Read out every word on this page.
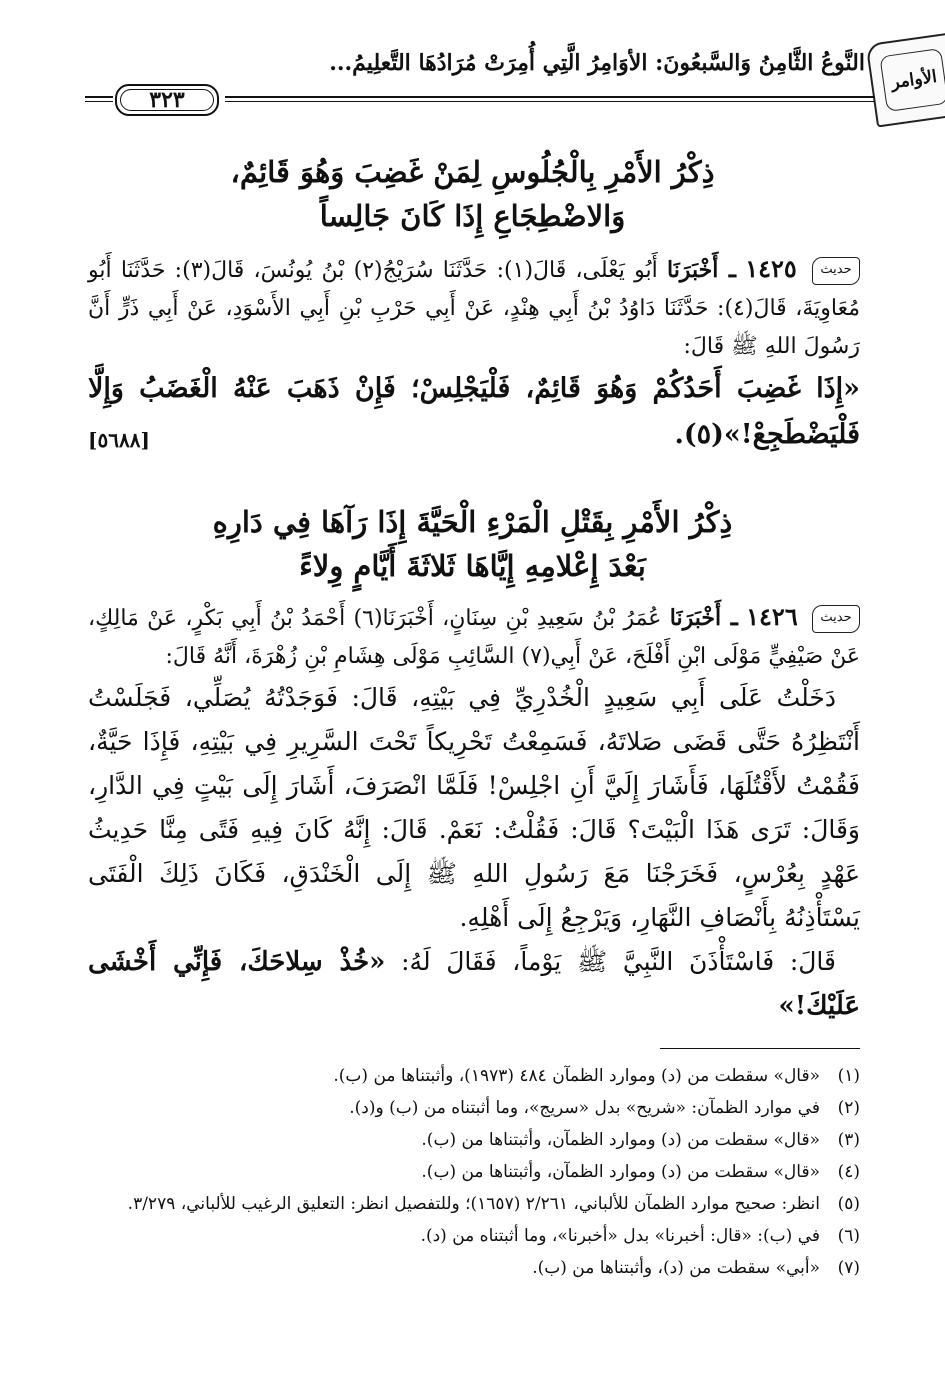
الأوامر
النَّوعُ الثَّامِنُ وَالسَّبعُونَ: الأوَامِرُ الَّتِي أُمِرَتْ مُرَادُهَا التَّعلِيمُ...
٣٢٣
ذِكْرُ الأَمْرِ بِالْجُلُوسِ لِمَنْ غَضِبَ وَهُوَ قَائِمٌ،
وَالاضْطِجَاعِ إِذَا كَانَ جَالِساً

حديث ١٤٢٥ ـ أَخْبَرَنَا أَبُو يَعْلَى، قَالَ(١): حَدَّثَنَا سُرَيْجُ(٢) بْنُ يُونُسَ، قَالَ(٣): حَدَّثَنَا أَبُو مُعَاوِيَةَ، قَالَ(٤): حَدَّثَنَا دَاوُدُ بْنُ أَبِي هِنْدٍ، عَنْ أَبِي حَرْبِ بْنِ أَبِي الأَسْوَدِ، عَنْ أَبِي ذَرٍّ أَنَّ رَسُولَ اللهِ ﷺ قَالَ:

«إِذَا غَضِبَ أَحَدُكُمْ وَهُوَ قَائِمٌ، فَلْيَجْلِسْ؛ فَإِنْ ذَهَبَ عَنْهُ الْغَضَبُ وَإِلَّا فَلْيَضْطَجِعْ!»(٥).

[٥٦٨٨]
ذِكْرُ الأَمْرِ بِقَتْلِ الْمَرْءِ الْحَيَّةَ إِذَا رَآهَا فِي دَارِهِ
بَعْدَ إِعْلامِهِ إِيَّاهَا ثَلاثَةَ أَيَّامٍ وِلاءً

حديث ١٤٢٦ ـ أَخْبَرَنَا عُمَرُ بْنُ سَعِيدِ بْنِ سِنَانٍ، أَخْبَرَنَا(٦) أَحْمَدُ بْنُ أَبِي بَكْرٍ، عَنْ مَالِكٍ، عَنْ صَيْفِيٍّ مَوْلَى ابْنِ أَفْلَحَ، عَنْ أَبِي(٧) السَّائِبِ مَوْلَى هِشَامِ بْنِ زُهْرَةَ، أَنَّهُ قَالَ:

دَخَلْتُ عَلَى أَبِي سَعِيدٍ الْخُدْرِيِّ فِي بَيْتِهِ، قَالَ: فَوَجَدْتُهُ يُصَلِّي، فَجَلَسْتُ أَنْتَظِرُهُ حَتَّى قَضَى صَلاتَهُ، فَسَمِعْتُ تَحْرِيكاً تَحْتَ السَّرِيرِ فِي بَيْتِهِ، فَإِذَا حَيَّةٌ، فَقُمْتُ لأَقْتُلَهَا، فَأَشَارَ إِلَيَّ أَنِ اجْلِسْ! فَلَمَّا انْصَرَفَ، أَشَارَ إِلَى بَيْتٍ فِي الدَّارِ، وَقَالَ: تَرَى هَذَا الْبَيْتَ؟ قَالَ: فَقُلْتُ: نَعَمْ. قَالَ: إِنَّهُ كَانَ فِيهِ فَتًى مِنَّا حَدِيثُ عَهْدٍ بِعُرْسٍ، فَخَرَجْنَا مَعَ رَسُولِ اللهِ ﷺ إِلَى الْخَنْدَقِ، فَكَانَ ذَلِكَ الْفَتَى يَسْتَأْذِنُهُ بِأَنْصَافِ النَّهَارِ، وَيَرْجِعُ إِلَى أَهْلِهِ.

قَالَ: فَاسْتَأْذَنَ النَّبِيَّ ﷺ يَوْماً، فَقَالَ لَهُ: «خُذْ سِلاحَكَ، فَإِنِّي أَخْشَى عَلَيْكَ!»

(١)
«قال» سقطت من (د) وموارد الظمآن ٤٨٤ (١٩٧٣)، وأثبتناها من (ب).
(٢)
في موارد الظمآن: «شريح» بدل «سريج»، وما أثبتناه من (ب) و(د).
(٣)
«قال» سقطت من (د) وموارد الظمآن، وأثبتناها من (ب).
(٤)
«قال» سقطت من (د) وموارد الظمآن، وأثبتناها من (ب).
(٥)
انظر: صحيح موارد الظمآن للألباني، ٢/٢٦١ (١٦٥٧)؛ وللتفصيل انظر: التعليق الرغيب للألباني، ٣/٢٧٩.
(٦)
في (ب): «قال: أخبرنا» بدل «أخبرنا»، وما أثبتناه من (د).
(٧)
«أبي» سقطت من (د)، وأثبتناها من (ب).
